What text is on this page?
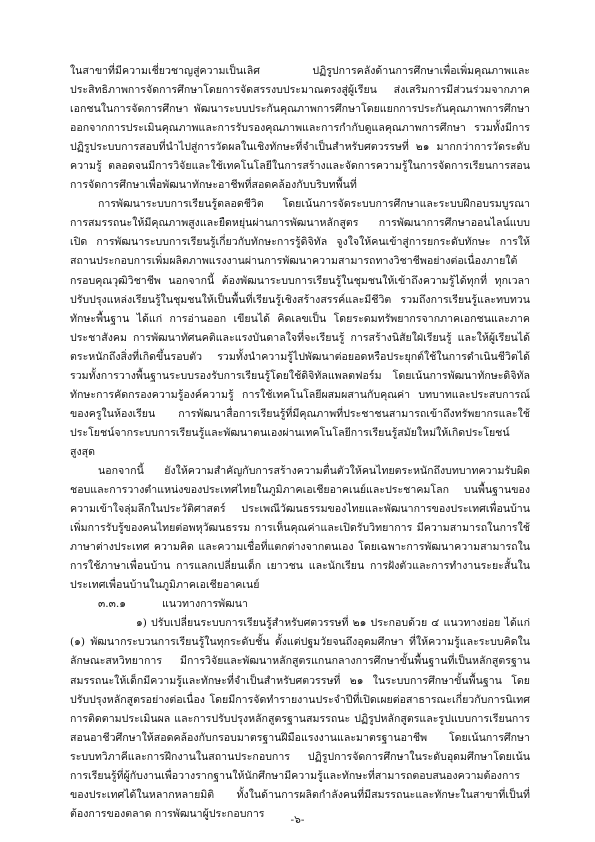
ในสาขาที่มีความเชี่ยวชาญสู่ความเป็นเลิศ ปฏิรูปการคลังด้านการศึกษาเพื่อเพิ่มคุณภาพและประสิทธิภาพการจัดการศึกษาโดยการจัดสรรงบประมาณตรงสู่ผู้เรียน ส่งเสริมการมีส่วนร่วมจากภาคเอกชนในการจัดการศึกษา พัฒนาระบบประกันคุณภาพการศึกษาโดยแยกการประกันคุณภาพการศึกษาออกจากการประเมินคุณภาพและการรับรองคุณภาพและการกำกับดูแลคุณภาพการศึกษา รวมทั้งมีการปฏิรูประบบการสอบที่นำไปสู่การวัดผลในเชิงทักษะที่จำเป็นสำหรับศตวรรษที่ ๒๑ มากกว่าการวัดระดับความรู้ ตลอดจนมีการวิจัยและใช้เทคโนโลยีในการสร้างและจัดการความรู้ในการจัดการเรียนการสอน การจัดการศึกษาเพื่อพัฒนาทักษะอาชีพที่สอดคล้องกับบริบทพื้นที่

การพัฒนาระบบการเรียนรู้ตลอดชีวิต โดยเน้นการจัดระบบการศึกษาและระบบฝึกอบรมบูรณาการสมรรถนะให้มีคุณภาพสูงและยืดหยุ่นผ่านการพัฒนาหลักสูตร การพัฒนาการศึกษาออนไลน์แบบเปิด การพัฒนาระบบการเรียนรู้เกี่ยวกับทักษะการรู้ดิจิทัล จูงใจให้คนเข้าสู่การยกระดับทักษะ การให้สถานประกอบการเพิ่มผลิตภาพแรงงานผ่านการพัฒนาความสามารถทางวิชาชีพอย่างต่อเนื่องภายใต้กรอบคุณวุฒิวิชาชีพ นอกจากนี้ ต้องพัฒนาระบบการเรียนรู้ในชุมชนให้เข้าถึงความรู้ได้ทุกที่ ทุกเวลา ปรับปรุงแหล่งเรียนรู้ในชุมชนให้เป็นพื้นที่เรียนรู้เชิงสร้างสรรค์และมีชีวิต รวมถึงการเรียนรู้และทบทวนทักษะพื้นฐาน ได้แก่ การอ่านออก เขียนได้ คิดเลขเป็น โดยระดมทรัพยากรจากภาคเอกชนและภาคประชาสังคม การพัฒนาทัศนคติและแรงบันดาลใจที่จะเรียนรู้ การสร้างนิสัยใฝ่เรียนรู้ และให้ผู้เรียนได้ตระหนักถึงสิ่งที่เกิดขึ้นรอบตัว รวมทั้งนำความรู้ไปพัฒนาต่อยอดหรือประยุกต์ใช้ในการดำเนินชีวิตได้ รวมทั้งการวางพื้นฐานระบบรองรับการเรียนรู้โดยใช้ดิจิทัลแพลตฟอร์ม โดยเน้นการพัฒนาทักษะดิจิทัล ทักษะการคัดกรองความรู้องค์ความรู้ การใช้เทคโนโลยีผสมผสานกับคุณค่า บทบาทและประสบการณ์ของครูในห้องเรียน การพัฒนาสื่อการเรียนรู้ที่มีคุณภาพที่ประชาชนสามารถเข้าถึงทรัพยากรและใช้ประโยชน์จากระบบการเรียนรู้และพัฒนาตนเองผ่านเทคโนโลยีการเรียนรู้สมัยใหม่ให้เกิดประโยชน์สูงสุด

นอกจากนี้ ยังให้ความสำคัญกับการสร้างความตื่นตัวให้คนไทยตระหนักถึงบทบาทความรับผิดชอบและการวางตำแหน่งของประเทศไทยในภูมิภาคเอเชียอาคเนย์และประชาคมโลก บนพื้นฐานของความเข้าใจลุ่มลึกในประวัติศาสตร์ ประเพณีวัฒนธรรมของไทยและพัฒนาการของประเทศเพื่อนบ้าน เพิ่มการรับรู้ของคนไทยต่อพหุวัฒนธรรม การเห็นคุณค่าและเปิดรับวิทยาการ มีความสามารถในการใช้ภาษาต่างประเทศ ความคิด และความเชื่อที่แตกต่างจากตนเอง โดยเฉพาะการพัฒนาความสามารถในการใช้ภาษาเพื่อนบ้าน การแลกเปลี่ยนเด็ก เยาวชน และนักเรียน การฝังตัวและการทำงานระยะสั้นในประเทศเพื่อนบ้านในภูมิภาคเอเชียอาคเนย์

๓.๓.๑	แนวทางการพัฒนา

๑) ปรับเปลี่ยนระบบการเรียนรู้สำหรับศตวรรษที่ ๒๑ ประกอบด้วย ๔ แนวทางย่อย ได้แก่ (๑) พัฒนากระบวนการเรียนรู้ในทุกระดับชั้น ตั้งแต่ปฐมวัยจนถึงอุดมศึกษา ที่ให้ความรู้และระบบคิดในลักษณะสหวิทยาการ มีการวิจัยและพัฒนาหลักสูตรแกนกลางการศึกษาขั้นพื้นฐานที่เป็นหลักสูตรฐานสมรรถนะให้เด็กมีความรู้และทักษะที่จำเป็นสำหรับศตวรรษที่ ๒๑ ในระบบการศึกษาขั้นพื้นฐาน โดยปรับปรุงหลักสูตรอย่างต่อเนื่อง โดยมีการจัดทำรายงานประจำปีที่เปิดเผยต่อสาธารณะเกี่ยวกับการนิเทศ การติดตามประเมินผล และการปรับปรุงหลักสูตรฐานสมรรถนะ ปฏิรูปหลักสูตรและรูปแบบการเรียนการสอนอาชีวศึกษาให้สอดคล้องกับกรอบมาตรฐานฝีมือแรงงานและมาตรฐานอาชีพ โดยเน้นการศึกษาระบบทวิภาคีและการฝึกงานในสถานประกอบการ ปฏิรูปการจัดการศึกษาในระดับอุดมศึกษาโดยเน้นการเรียนรู้ที่ผู้กับงานเพื่อวางรากฐานให้นักศึกษามีความรู้และทักษะที่สามารถตอบสนองความต้องการของประเทศได้ในหลากหลายมิติ ทั้งในด้านการผลิตกำลังคนที่มีสมรรถนะและทักษะในสาขาที่เป็นที่ต้องการของตลาด การพัฒนาผู้ประกอบการ

-๖-
